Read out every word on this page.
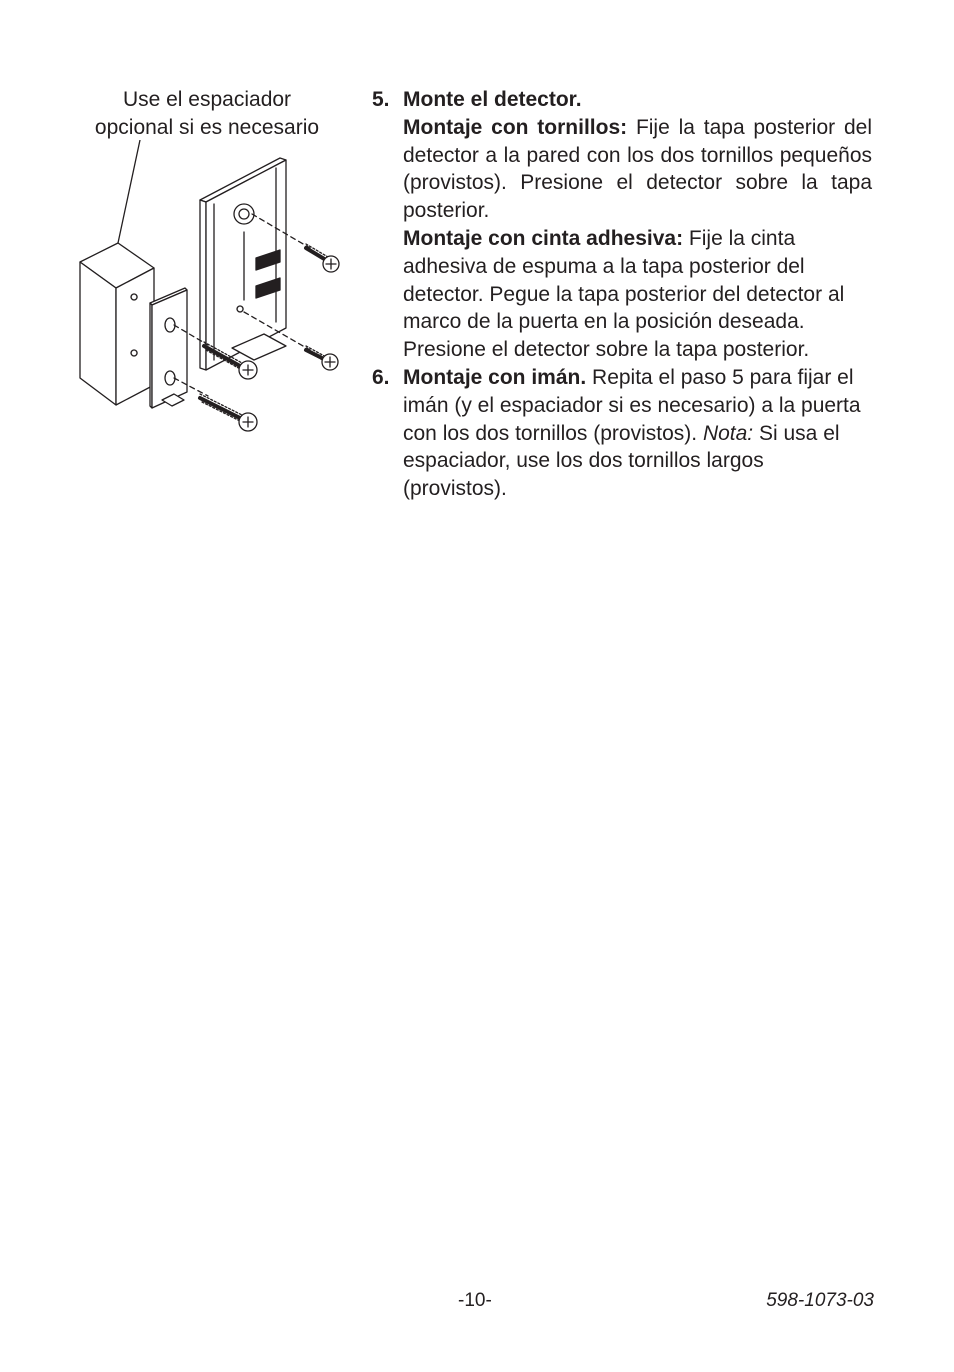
Use el espaciador
opcional si es necesario
5. Monte el detector.
Montaje con tornillos: Fije la tapa posterior del detector a la pared con los dos tornillos pequeños (provistos). Presione el detector sobre la tapa posterior.
Montaje con cinta adhesiva: Fije la cinta adhesiva de espuma a la tapa posterior del detector. Pegue la tapa posterior del detector al marco de la puerta en la posición deseada. Presione el detector sobre la tapa posterior.
6. Montaje con imán. Repita el paso 5 para fijar el imán (y el espaciador si es necesario) a la puerta con los dos tornillos (provistos). Nota: Si usa el espaciador, use los dos tornillos largos (provistos).
-10-	598-1073-03
